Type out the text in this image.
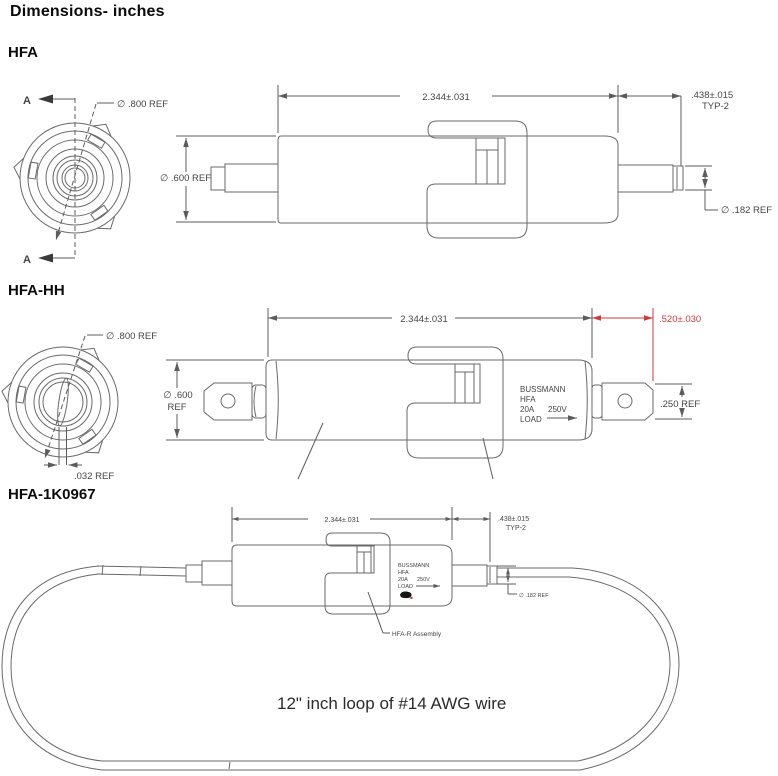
Dimensions- inches
HFA
HFA-HH
HFA-1K0967
A
A
∅ .800 REF
∅ .600 REF
2.344±.031	.438±.015
TYP-2
∅ .182 REF
∅ .800 REF
.032 REF
BUSSMANN
HFA
20A 250V
LOAD
∅ .600
REF
2.344±.031	.520±.030
.250 REF
HFA-R Assembly
BUSSMANN
HFA
20A 250V
LOAD
2.344±.031	.438±.015
TYP-2
∅ .182 REF
12" inch loop of #14 AWG wire
